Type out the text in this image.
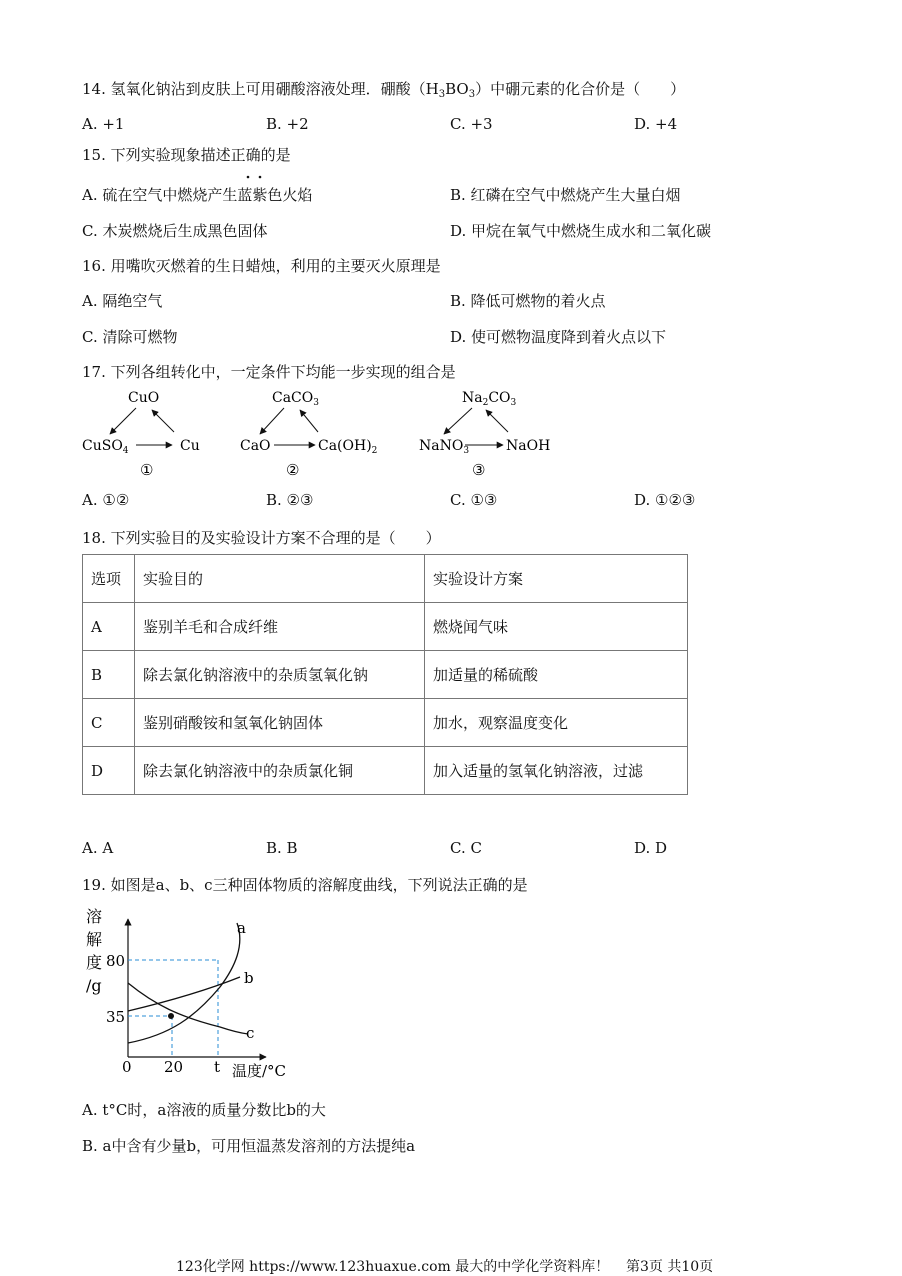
14. 氢氧化钠沾到皮肤上可用硼酸溶液处理．硼酸$(H_3BO_3)$中硼元素的化合价是（　　）
A. +1	B. +2	C. +3	D. +4
15. 下列实验现象描述正确的是
A. 硫在空气中燃烧产生蓝紫色火焰	B. 红磷在空气中燃烧产生大量白烟
C. 木炭燃烧后生成黑色固体	D. 甲烷在氧气中燃烧生成水和二氧化碳
16. 用嘴吹灭燃着的生日蜡烛，利用的主要灭火原理是
A. 隔绝空气	B. 降低可燃物的着火点
C. 清除可燃物	D. 使可燃物温度降到着火点以下
17. 下列各组转化中，一定条件下均能一步实现的组合是
CuO
CuSO$_4$	Cu
①
CaCO$_3$
CaO	$Ca(OH)_2$
②
$Na_2CO_3$
NaNO$_3$	NaOH
③
A. ①②	B. ②③	C. ①③	D. ①②③
18. 下列实验目的及实验设计方案不合理的是（　　）
选项	实验目的	实验设计方案
A	鉴别羊毛和合成纤维	燃烧闻气味
B	除去氯化钠溶液中的杂质氢氧化钠	加适量的稀硫酸
C	鉴别硝酸铵和氢氧化钠固体	加水，观察温度变化
D	除去氯化钠溶液中的杂质氯化铜	加入适量的氢氧化钠溶液，过滤
A. A	B. B	C. C	D. D
19. 如图是a、b、c三种固体物质的溶解度曲线，下列说法正确的是
溶
解
度
/g
a
b
c
80
35
0 20 t 温度/°C
A. t°C时，a溶液的质量分数比b的大
B. a中含有少量b，可用恒温蒸发溶剂的方法提纯a
123化学网 https://www.123huaxue.com 最大的中学化学资料库！ 第3页 共10页
